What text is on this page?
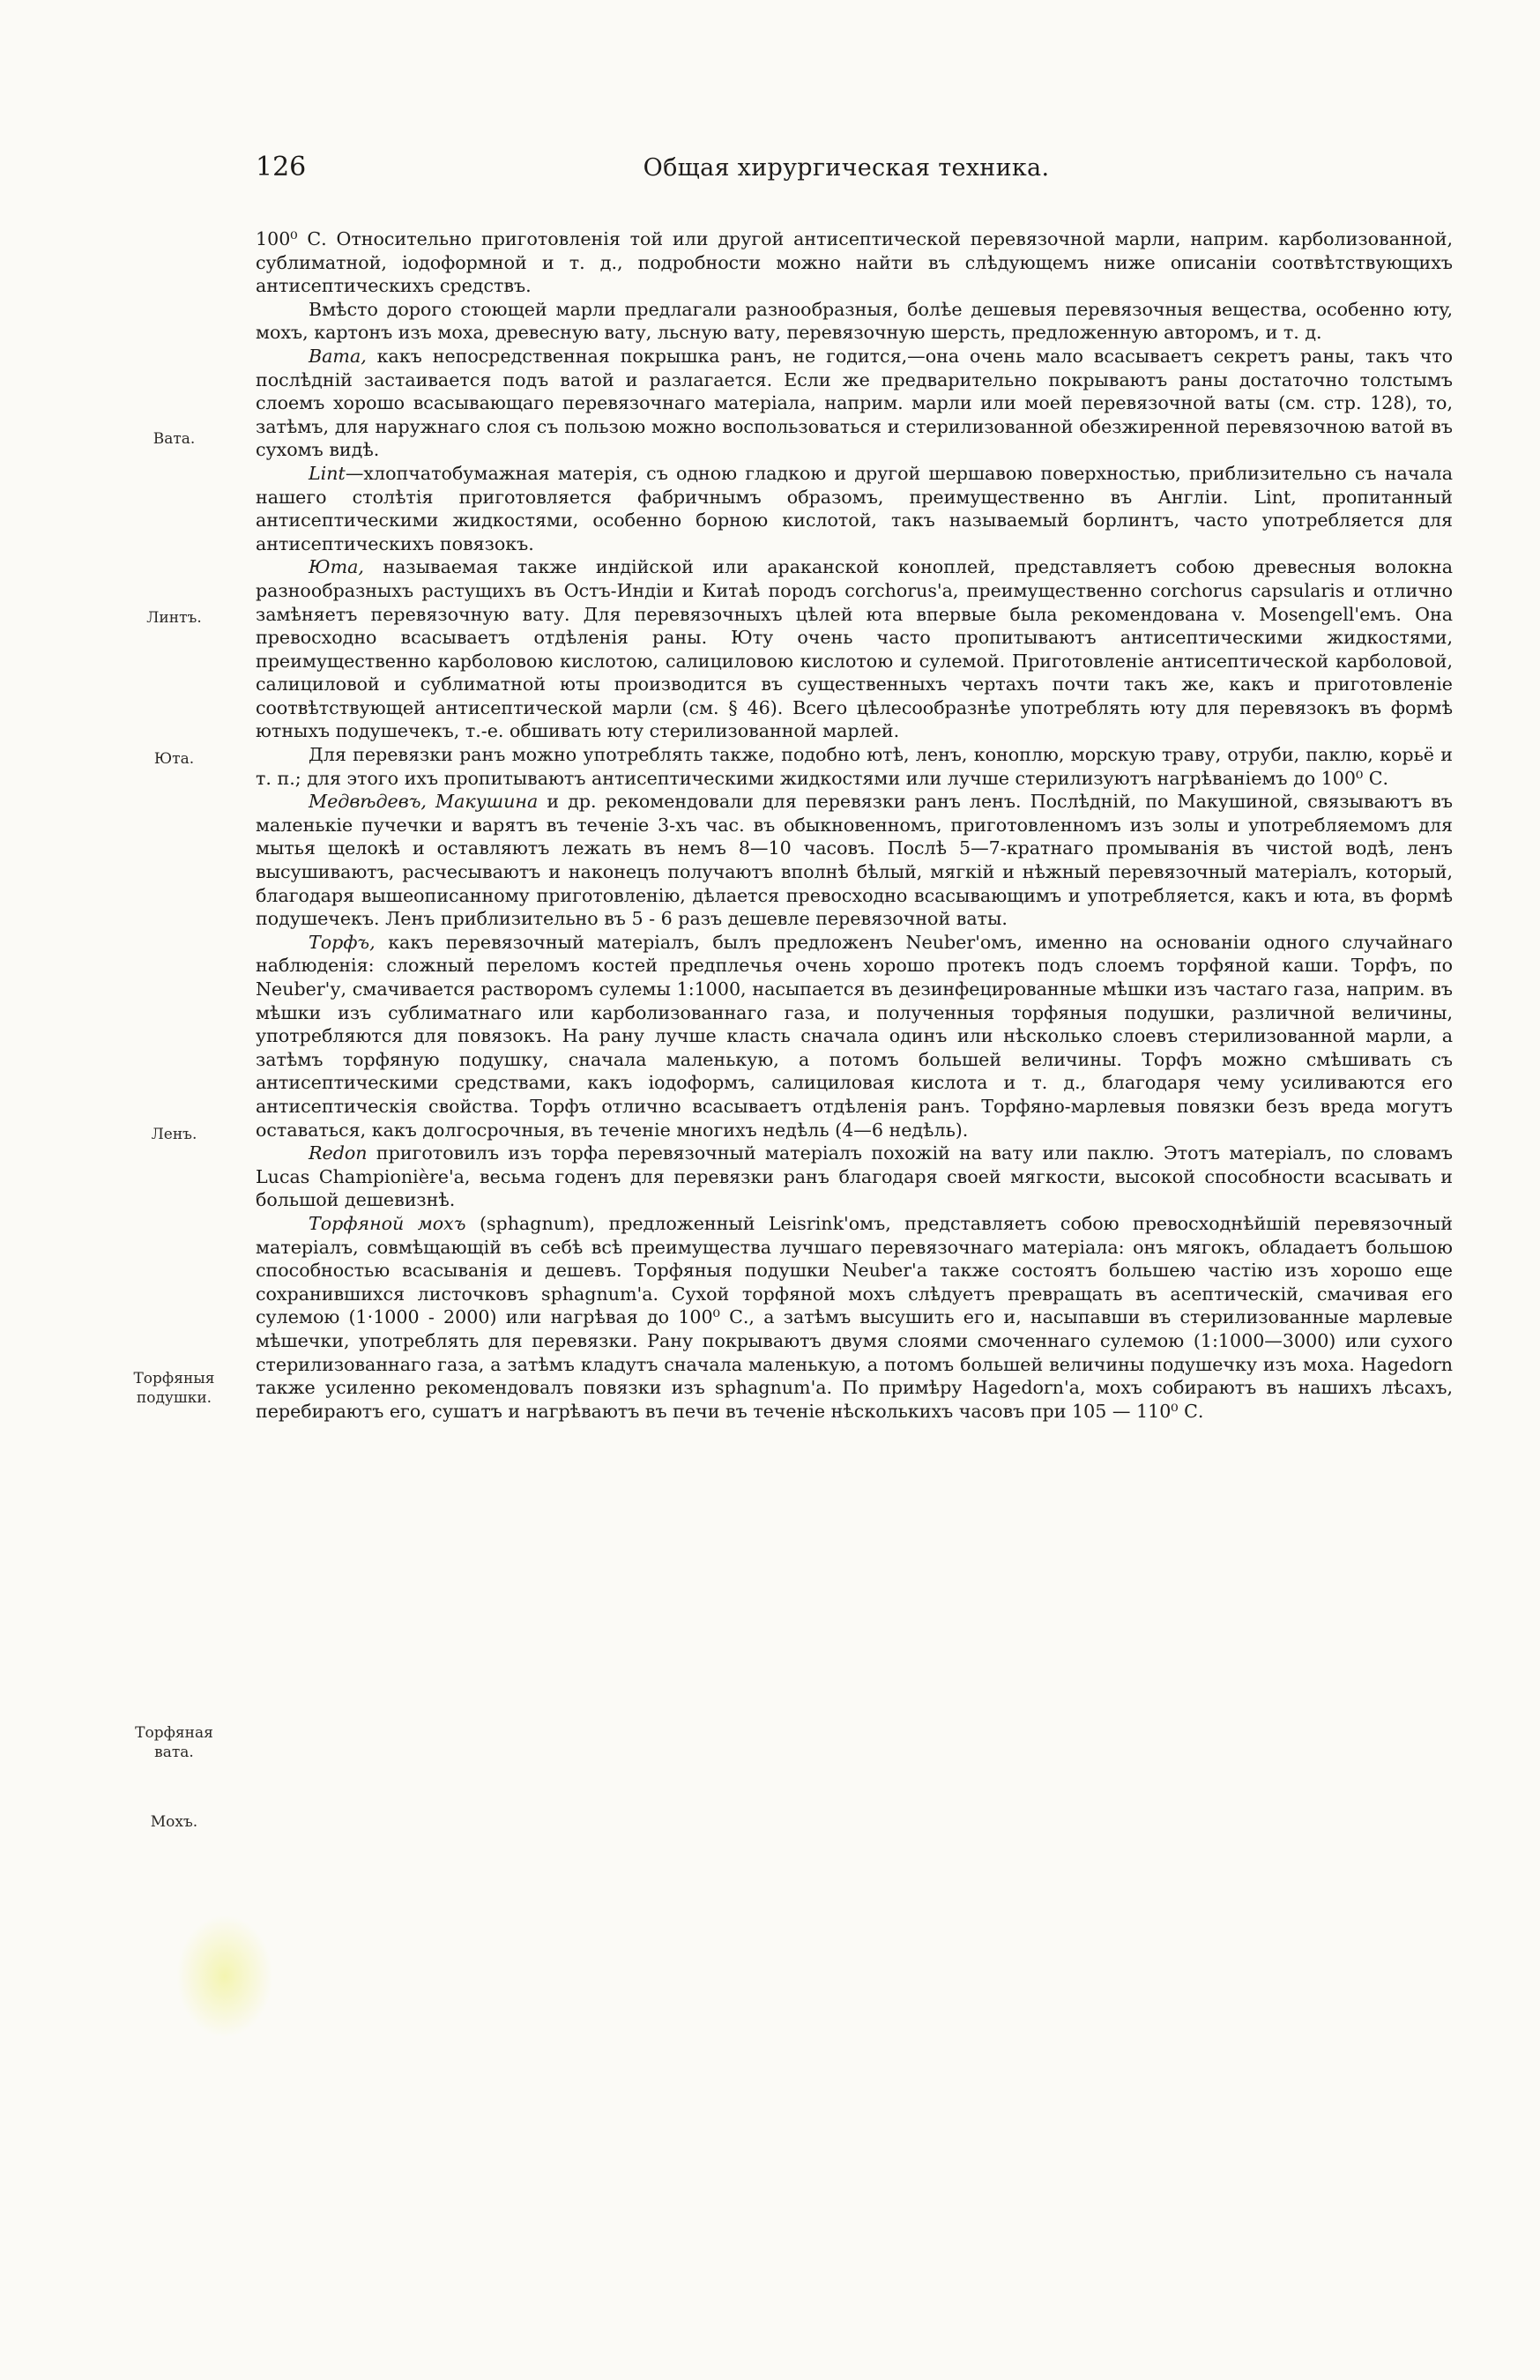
126	Общая хирургическая техника.
Вата.
Линтъ.
Юта.
Ленъ.
Торфяныя подушки.
Торфяная вата.
Мохъ.

100⁰ С. Относительно приготовленія той или другой антисептической перевязочной марли, наприм. карболизованной, сублиматной, іодоформной и т. д., подробности можно найти въ слѣдующемъ ниже описаніи соотвѣтствующихъ антисептическихъ средствъ.

Вмѣсто дорого стоющей марли предлагали разнообразныя, болѣе дешевыя перевязочныя вещества, особенно ютy, мохъ, картонъ изъ моха, древесную вату, льсную вату, перевязочную шерсть, предложенную авторомъ, и т. д.

Вата, какъ непосредственная покрышка ранъ, не годится,—она очень мало всасываетъ секретъ раны, такъ что послѣдній застаивается подъ ватой и разлагается. Если же предварительно покрываютъ раны достаточно толстымъ слоемъ хорошо всасывающаго перевязочнаго матеріала, наприм. марли или моей перевязочной ваты (см. стр. 128), то, затѣмъ, для наружнаго слоя съ пользою можно воспользоваться и стерилизованной обезжиренной перевязочною ватой въ сухомъ видѣ.

Lint—хлопчатобумажная матерія, съ одною гладкою и другой шершавою поверхностью, приблизительно съ начала нашего столѣтія приготовляется фабричнымъ образомъ, преимущественно въ Англіи. Lint, пропитанный антисептическими жидкостями, особенно борною кислотой, такъ называемый борлинтъ, часто употребляется для антисептическихъ повязокъ.

Юта, называемая также индійской или араканской коноплей, представляетъ собою древесныя волокна разнообразныхъ растущихъ въ Остъ-Индіи и Китаѣ породъ corchorus'а, преимущественно corchorus capsularis и отлично замѣняетъ перевязочную вату. Для перевязочныхъ цѣлей юта впервые была рекомендована v. Mosengell'емъ. Она превосходно всасываетъ отдѣленія раны. Юту очень часто пропитываютъ антисептическими жидкостями, преимущественно карболовою кислотою, салициловою кислотою и сулемой. Приготовленіе антисептической карболовой, салициловой и сублиматной юты производится въ существенныхъ чертахъ почти такъ же, какъ и приготовленіе соотвѣтствующей антисептической марли (см. § 46). Всего цѣлесообразнѣе употреблять юту для перевязокъ въ формѣ ютныхъ подушечекъ, т.-е. обшивать юту стерилизованной марлей.

Для перевязки ранъ можно употреблять также, подобно ютѣ, ленъ, коноплю, морскую траву, отруби, паклю, корьё и т. п.; для этого ихъ пропитываютъ антисептическими жидкостями или лучше стерилизуютъ нагрѣваніемъ до 100⁰ С.

Медвѣдевъ, Макушина и др. рекомендовали для перевязки ранъ ленъ. Послѣдній, по Макушиной, связываютъ въ маленькіе пучечки и варятъ въ теченіе 3-хъ час. въ обыкновенномъ, приготовленномъ изъ золы и употребляемомъ для мытья щелокѣ и оставляютъ лежать въ немъ 8—10 часовъ. Послѣ 5—7-кратнаго промыванія въ чистой водѣ, ленъ высушиваютъ, расчесываютъ и наконецъ получаютъ вполнѣ бѣлый, мягкій и нѣжный перевязочный матеріалъ, который, благодаря вышеописанному приготовленію, дѣлается превосходно всасывающимъ и употребляется, какъ и юта, въ формѣ подушечекъ. Ленъ приблизительно въ 5 - 6 разъ дешевле перевязочной ваты.

Торфъ, какъ перевязочный матеріалъ, былъ предложенъ Neuber'омъ, именно на основаніи одного случайнаго наблюденія: сложный переломъ костей предплечья очень хорошо протекъ подъ слоемъ торфяной каши. Торфъ, по Neuber'у, смачивается растворомъ сулемы 1:1000, насыпается въ дезинфецированные мѣшки изъ частаго газа, наприм. въ мѣшки изъ сублиматнаго или карболизованнаго газа, и полученныя торфяныя подушки, различной величины, употребляются для повязокъ. На рану лучше класть сначала одинъ или нѣсколько слоевъ стерилизованной марли, а затѣмъ торфяную подушку, сначала маленькую, а потомъ большей величины. Торфъ можно смѣшивать съ антисептическими средствами, какъ іодоформъ, салициловая кислота и т. д., благодаря чему усиливаются его антисептическія свойства. Торфъ отлично всасываетъ отдѣленія ранъ. Торфяно-марлевыя повязки безъ вреда могутъ оставаться, какъ долгосрочныя, въ теченіе многихъ недѣль (4—6 недѣль).

Redon приготовилъ изъ торфа перевязочный матеріалъ похожій на вату или паклю. Этотъ матеріалъ, по словамъ Lucas Championière'а, весьма годенъ для перевязки ранъ благодаря своей мягкости, высокой способности всасывать и большой дешевизнѣ.

Торфяной мохъ (sphagnum), предложенный Leisrink'омъ, представляетъ собою превосходнѣйшій перевязочный матеріалъ, совмѣщающій въ себѣ всѣ преимущества лучшаго перевязочнаго матеріала: онъ мягокъ, обладаетъ большою способностью всасыванія и дешевъ. Торфяныя подушки Neuber'а также состоятъ большею частію изъ хорошо еще сохранившихся листочковъ sphagnum'а. Сухой торфяной мохъ слѣдуетъ превращать въ асептическій, смачивая его сулемою (1·1000 - 2000) или нагрѣвая до 100⁰ С., а затѣмъ высушить его и, насыпавши въ стерилизованные марлевые мѣшечки, употреблять для перевязки. Рану покрываютъ двумя слоями смоченнаго сулемою (1:1000—3000) или сухого стерилизованнаго газа, а затѣмъ кладутъ сначала маленькую, а потомъ большей величины подушечку изъ моха. Hagedorn также усиленно рекомендовалъ повязки изъ sphagnum'а. По примѣру Hagedorn'а, мохъ собираютъ въ нашихъ лѣсахъ, перебираютъ его, сушатъ и нагрѣваютъ въ печи въ теченіе нѣсколькихъ часовъ при 105 — 110⁰ С.
